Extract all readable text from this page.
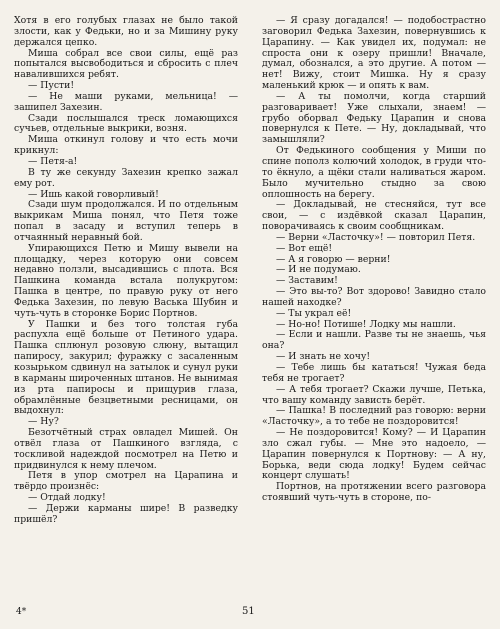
Хотя в его голубых глазах не было такой злости, как у Федьки, но и за Мишину руку держался цепко.

Миша собрал все свои силы, ещё раз попытался высвободиться и сбросить с плеч навалившихся ребят.

— Пусти!

— Не маши руками, мельница! — зашипел Захезин.

Сзади послышался треск ломающихся сучьев, отдельные выкрики, возня.

Миша откинул голову и что есть мочи крикнул:

— Петя-а!

В ту же секунду Захезин крепко зажал ему рот.

— Ишь какой говорливый!

Сзади шум продолжался. И по отдельным выкрикам Миша понял, что Петя тоже попал в засаду и вступил теперь в отчаянный неравный бой.

Упирающихся Петю и Мишу вывели на площадку, через которую они совсем недавно ползли, высадившись с плота. Вся Пашкина команда встала полукругом: Пашка в центре, по правую руку от него Федька Захезин, по левую Васька Шубин и чуть-чуть в сторонке Борис Портнов.

У Пашки и без того толстая губа распухла ещё больше от Петиного удара. Пашка сплюнул розовую слюну, вытащил папиросу, закурил; фуражку с засаленным козырьком сдвинул на затылок и сунул руки в карманы широченных штанов. Не вынимая из рта папиросы и прищурив глаза, обрамлённые безцветными ресницами, он выдохнул:

— Ну?

Безотчётный страх овладел Мишей. Он отвёл глаза от Пашкиного взгляда, с тоскливой надеждой посмотрел на Петю и придвинулся к нему плечом.

Петя в упор смотрел на Царапина и твёрдо произнёс:

— Отдай лодку!

— Держи карманы шире! В разведку пришёл?

— Я сразу догадался! — подобострастно заговорил Федька Захезин, повернувшись к Царапину. — Как увидел их, подумал: не спроста они к озеру пришли! Вначале, думал, обознался, а это другие. А потом — нет! Вижу, стоит Мишка. Ну я сразу маленький крюк — и опять к вам.

— А ты помолчи, когда старший разговаривает! Уже слыхали, знаем! — грубо оборвал Федьку Царапин и снова повернулся к Пете. — Ну, докладывай, что замышляли?

От Федькиного сообщения у Миши по спине пополз колючий холодок, в груди что-то ёкнуло, а щёки стали наливаться жаром. Было мучительно стыдно за свою оплошность на берегу.

— Докладывай, не стесняйся, тут все свои, — с издёвкой сказал Царапин, поворачиваясь к своим сообщникам.

— Верни «Ласточку»! — повторил Петя.

— Вот ещё!

— А я говорю — верни!

— И не подумаю.

— Заставим!

— Это вы-то? Вот здорово! Завидно стало нашей находке?

— Ты украл её!

— Но-но! Потише! Лодку мы нашли.

— Если и нашли. Разве ты не знаешь, чья она?

— И знать не хочу!

— Тебе лишь бы кататься! Чужая беда тебя не трогает?

— А тебя трогает? Скажи лучше, Петька, что вашу команду зависть берёт.

— Пашка! В последний раз говорю: верни «Ласточку», а то тебе не поздоровится!

— Не поздоровится! Кому? — И Царапин зло сжал губы. — Мне это надоело, — Царапин повернулся к Портнову: — А ну, Борька, веди сюда лодку! Будем сейчас концерт слушать!

Портнов, на протяжении всего разговора стоявший чуть-чуть в стороне, по-

4*	51
